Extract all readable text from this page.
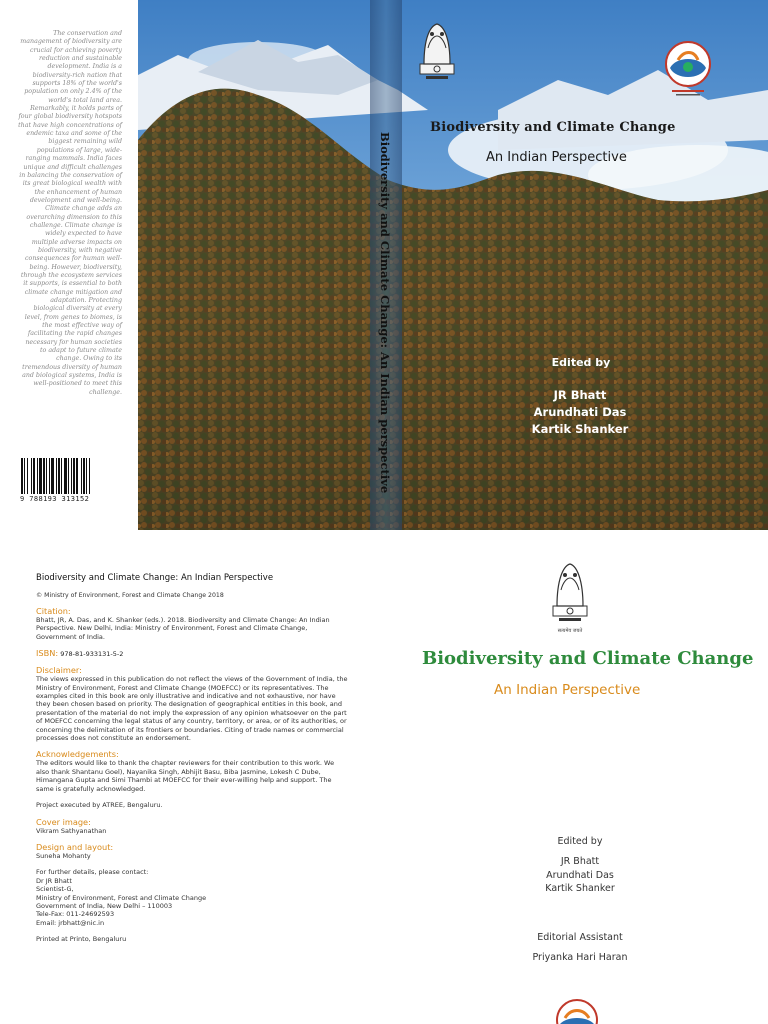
The conservation and management of biodiversity are crucial for achieving poverty reduction and sustainable development. India is a biodiversity-rich nation that supports 18% of the world's population on only 2.4% of the world's total land area. Remarkably, it holds parts of four global biodiversity hotspots that have high concentrations of endemic taxa and some of the biggest remaining wild populations of large, wide-ranging mammals. India faces unique and difficult challenges in balancing the conservation of its great biological wealth with the enhancement of human development and well-being. Climate change adds an overarching dimension to this challenge. Climate change is widely expected to have multiple adverse impacts on biodiversity, with negative consequences for human well-being. However, biodiversity, through the ecosystem services it supports, is essential to both climate change mitigation and adaptation. Protecting biological diversity at every level, from genes to biomes, is the most effective way of facilitating the rapid changes necessary for human societies to adapt to future climate change. Owing to its tremendous diversity of human and biological systems, India is well-positioned to meet this challenge.

9 788193 313152
Biodiversity and Climate Change: An Indian perspective
Biodiversity and Climate Change
An Indian Perspective
Edited by
JR Bhatt
Arundhati Das
Kartik Shanker
Biodiversity and Climate Change: An Indian Perspective
© Ministry of Environment, Forest and Climate Change 2018
Citation:

Bhatt, JR, A. Das, and K. Shanker (eds.). 2018. Biodiversity and Climate Change: An Indian Perspective. New Delhi, India: Ministry of Environment, Forest and Climate Change, Government of India.

ISBN: 978-81-933131-5-2
Disclaimer:

The views expressed in this publication do not reflect the views of the Government of India, the Ministry of Environment, Forest and Climate Change (MOEFCC) or its representatives. The examples cited in this book are only illustrative and indicative and not exhaustive, nor have they been chosen based on priority. The designation of geographical entities in this book, and presentation of the material do not imply the expression of any opinion whatsoever on the part of MOEFCC concerning the legal status of any country, territory, or area, or of its authorities, or concerning the delimitation of its frontiers or boundaries. Citing of trade names or commercial processes does not constitute an endorsement.

Acknowledgements:

The editors would like to thank the chapter reviewers for their contribution to this work. We also thank Shantanu Goel), Nayanika Singh, Abhijit Basu, Biba Jasmine, Lokesh C Dube, Himangana Gupta and Simi Thambi at MOEFCC for their ever-willing help and support. The same is gratefully acknowledged.

Project executed by ATREE, Bengaluru.

Cover image:

Vikram Sathyanathan

Design and layout:

Suneha Mohanty

For further details, please contact:

Dr JR Bhatt

Scientist-G,

Ministry of Environment, Forest and Climate Change

Government of India, New Delhi – 110003

Tele-Fax: 011-24692593

Email: jrbhatt@nic.in

Printed at Printo, Bengaluru
सत्यमेव जयते
Biodiversity and Climate Change
An Indian Perspective
Edited by
JR Bhatt
Arundhati Das
Kartik Shanker
Editorial Assistant
Priyanka Hari Haran
